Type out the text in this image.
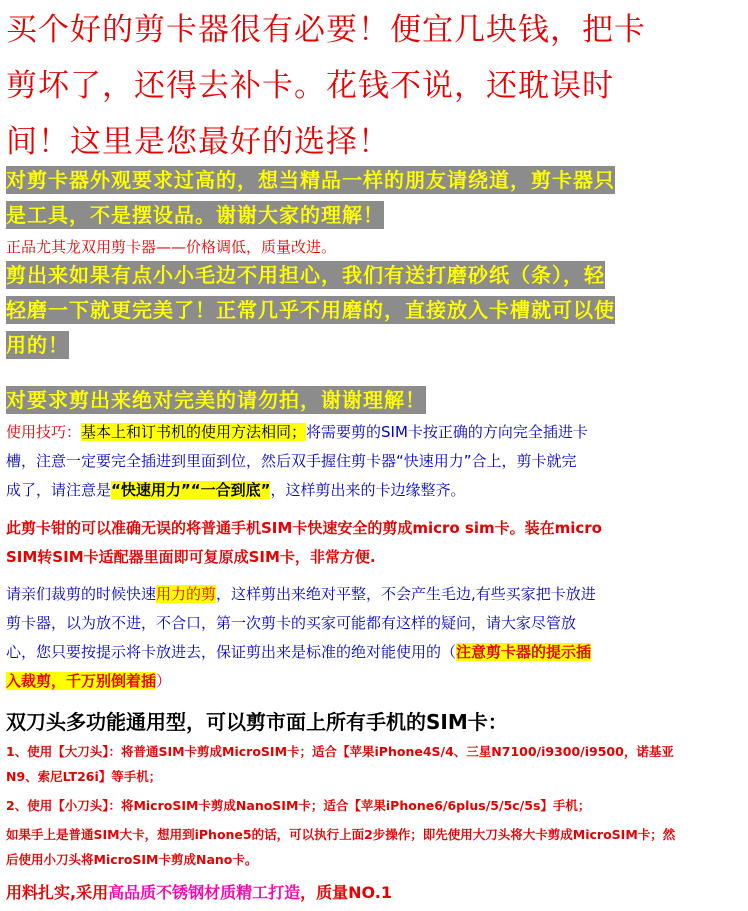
买个好的剪卡器很有必要！便宜几块钱，把卡
剪坏了，还得去补卡。花钱不说，还耽误时
间！这里是您最好的选择！
对剪卡器外观要求过高的，想当精品一样的朋友请绕道，剪卡器只
是工具，不是摆设品。谢谢大家的理解！
正品尤其龙双用剪卡器——价格调低，质量改进。
剪出来如果有点小小毛边不用担心，我们有送打磨砂纸（条），轻
轻磨一下就更完美了！正常几乎不用磨的，直接放入卡槽就可以使
用的！
对要求剪出来绝对完美的请勿拍，谢谢理解！
使用技巧：基本上和订书机的使用方法相同；将需要剪的SIM卡按正确的方向完全插进卡
槽，注意一定要完全插进到里面到位，然后双手握住剪卡器“快速用力”合上，剪卡就完
成了，请注意是“快速用力”“一合到底”，这样剪出来的卡边缘整齐。
此剪卡钳的可以准确无误的将普通手机SIM卡快速安全的剪成micro sim卡。装在micro
SIM转SIM卡适配器里面即可复原成SIM卡，非常方便.
请亲们裁剪的时候快速用力的剪，这样剪出来绝对平整，不会产生毛边,有些买家把卡放进
剪卡器，以为放不进，不合口，第一次剪卡的买家可能都有这样的疑问，请大家尽管放
心，您只要按提示将卡放进去，保证剪出来是标准的绝对能使用的（注意剪卡器的提示插
入裁剪，千万别倒着插）
双刀头多功能通用型，可以剪市面上所有手机的SIM卡：
1、使用【大刀头】：将普通SIM卡剪成MicroSIM卡；适合【苹果iPhone4S/4、三星N7100/i9300/i9500，诺基亚
N9、索尼LT26i】等手机；
2、使用【小刀头】：将MicroSIM卡剪成NanoSIM卡；适合【苹果iPhone6/6plus/5/5c/5s】手机；
如果手上是普通SIM大卡，想用到iPhone5的话，可以执行上面2步操作；即先使用大刀头将大卡剪成MicroSIM卡；然
后使用小刀头将MicroSIM卡剪成Nano卡。
用料扎实,采用高品质不锈钢材质精工打造，质量NO.1
